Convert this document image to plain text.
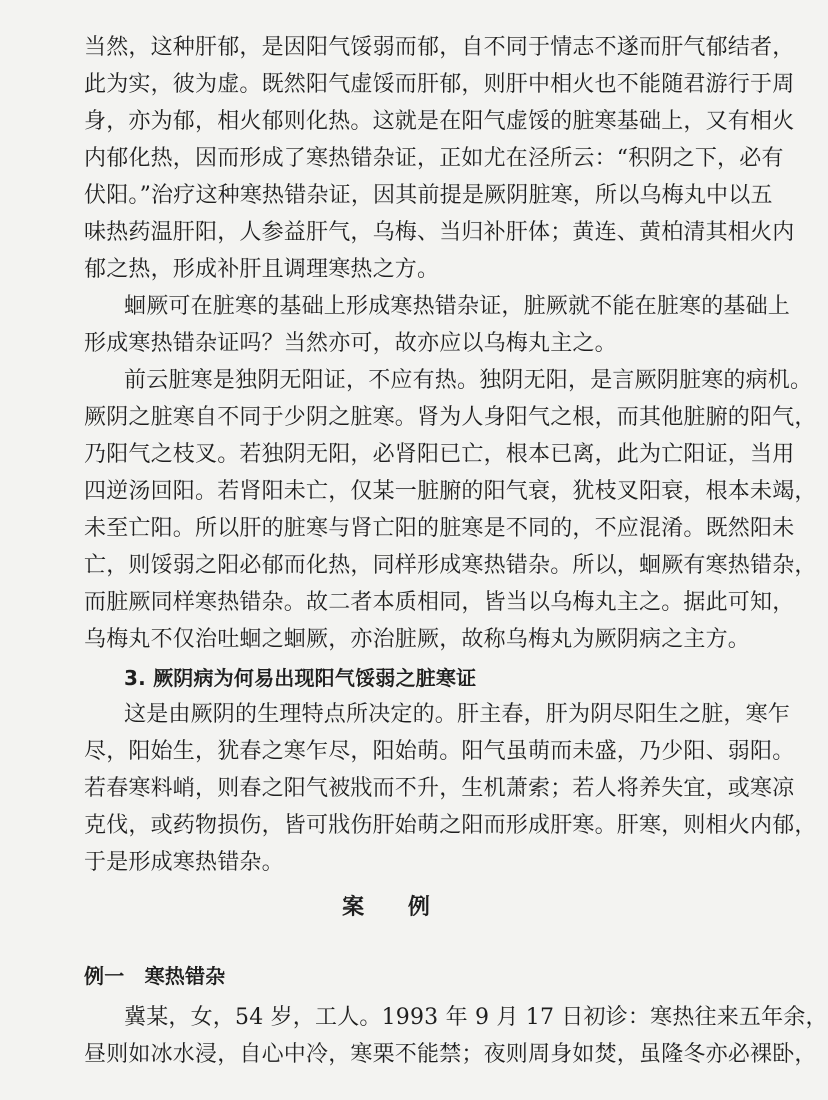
当然，这种肝郁，是因阳气馁弱而郁，自不同于情志不遂而肝气郁结者，
此为实，彼为虚。既然阳气虚馁而肝郁，则肝中相火也不能随君游行于周
身，亦为郁，相火郁则化热。这就是在阳气虚馁的脏寒基础上，又有相火
内郁化热，因而形成了寒热错杂证，正如尤在泾所云：“积阴之下，必有
伏阳。”治疗这种寒热错杂证，因其前提是厥阴脏寒，所以乌梅丸中以五
味热药温肝阳，人参益肝气，乌梅、当归补肝体；黄连、黄柏清其相火内
郁之热，形成补肝且调理寒热之方。
蛔厥可在脏寒的基础上形成寒热错杂证，脏厥就不能在脏寒的基础上
形成寒热错杂证吗？当然亦可，故亦应以乌梅丸主之。
前云脏寒是独阴无阳证，不应有热。独阴无阳，是言厥阴脏寒的病机。
厥阴之脏寒自不同于少阴之脏寒。肾为人身阳气之根，而其他脏腑的阳气，
乃阳气之枝叉。若独阴无阳，必肾阳已亡，根本已离，此为亡阳证，当用
四逆汤回阳。若肾阳未亡，仅某一脏腑的阳气衰，犹枝叉阳衰，根本未竭，
未至亡阳。所以肝的脏寒与肾亡阳的脏寒是不同的，不应混淆。既然阳未
亡，则馁弱之阳必郁而化热，同样形成寒热错杂。所以，蛔厥有寒热错杂，
而脏厥同样寒热错杂。故二者本质相同，皆当以乌梅丸主之。据此可知，
乌梅丸不仅治吐蛔之蛔厥，亦治脏厥，故称乌梅丸为厥阴病之主方。
3. 厥阴病为何易出现阳气馁弱之脏寒证
这是由厥阴的生理特点所决定的。肝主春，肝为阴尽阳生之脏，寒乍
尽，阳始生，犹春之寒乍尽，阳始萌。阳气虽萌而未盛，乃少阳、弱阳。
若春寒料峭，则春之阳气被戕而不升，生机萧索；若人将养失宜，或寒凉
克伐，或药物损伤，皆可戕伤肝始萌之阳而形成肝寒。肝寒，则相火内郁，
于是形成寒热错杂。
案 例
例一　寒热错杂
冀某，女，54 岁，工人。1993 年 9 月 17 日初诊：寒热往来五年余，
昼则如冰水浸，自心中冷，寒栗不能禁；夜则周身如焚，虽隆冬亦必裸卧，
